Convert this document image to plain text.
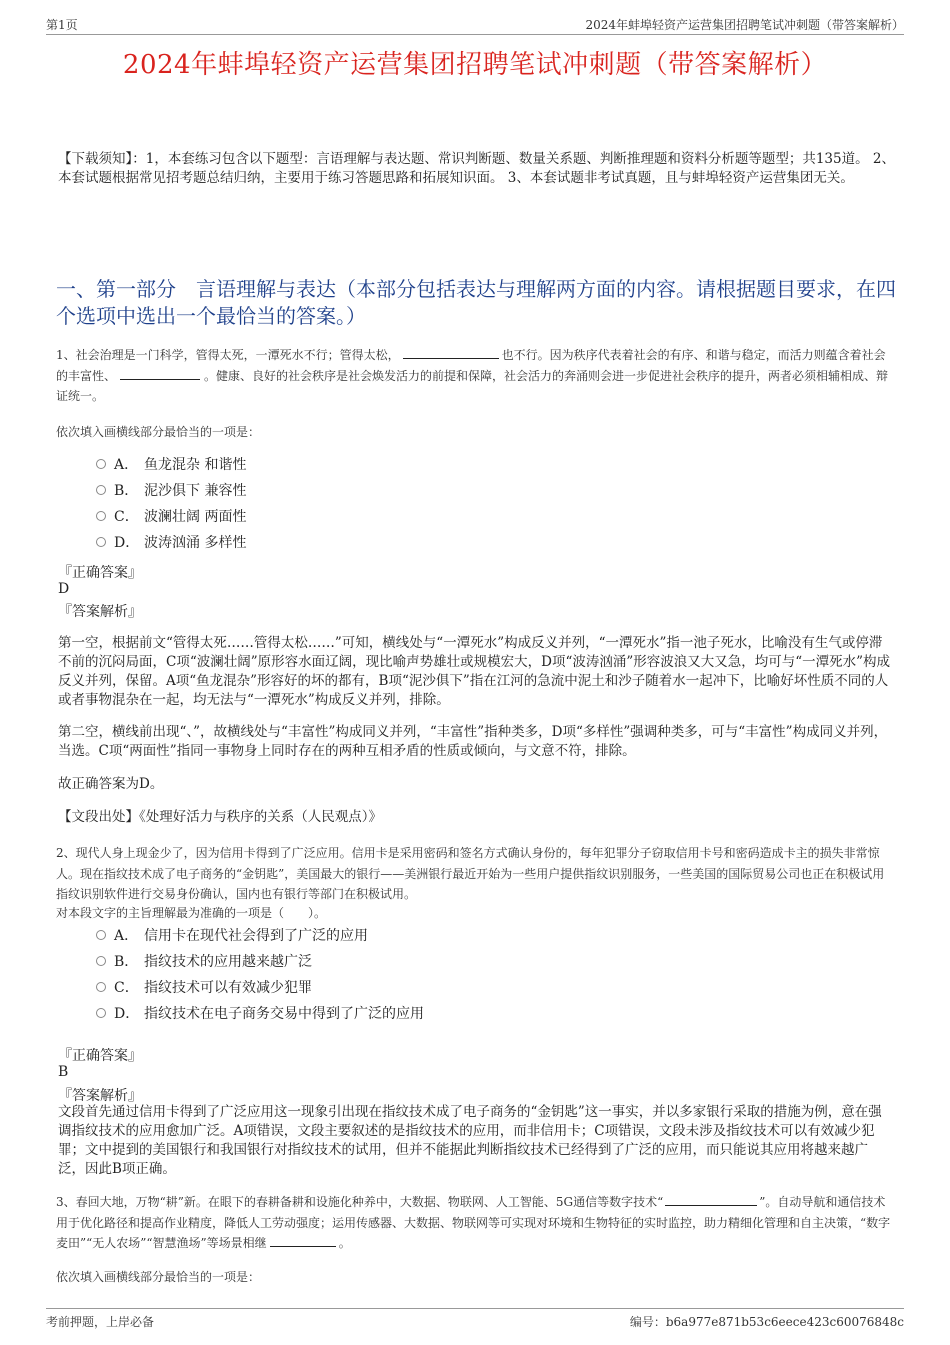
第1页	2024年蚌埠轻资产运营集团招聘笔试冲刺题（带答案解析）
2024年蚌埠轻资产运营集团招聘笔试冲刺题（带答案解析）
【下载须知】：1，本套练习包含以下题型：言语理解与表达题、常识判断题、数量关系题、判断推理题和资料分析题等题型；共135道。 2、本套试题根据常见招考题总结归纳，主要用于练习答题思路和拓展知识面。 3、本套试题非考试真题，且与蚌埠轻资产运营集团无关。
一、第一部分　言语理解与表达（本部分包括表达与理解两方面的内容。请根据题目要求，在四个选项中选出一个最恰当的答案。）
1、社会治理是一门科学，管得太死，一潭死水不行；管得太松，	也不行。因为秩序代表着社会的有序、和谐与稳定，而活力则蕴含着社会的丰富性、	。健康、良好的社会秩序是社会焕发活力的前提和保障，社会活力的奔涌则会进一步促进社会秩序的提升，两者必须相辅相成、辩证统一。
依次填入画横线部分最恰当的一项是：
A． 鱼龙混杂 和谐性
B． 泥沙俱下 兼容性
C． 波澜壮阔 两面性
D． 波涛汹涌 多样性
『正确答案』
D
『答案解析』
第一空，根据前文“管得太死……管得太松……”可知，横线处与“一潭死水”构成反义并列，“一潭死水”指一池子死水，比喻没有生气或停滞不前的沉闷局面，C项“波澜壮阔”原形容水面辽阔，现比喻声势雄壮或规模宏大，D项“波涛汹涌”形容波浪又大又急，均可与“一潭死水”构成反义并列，保留。A项“鱼龙混杂”形容好的坏的都有，B项“泥沙俱下”指在江河的急流中泥土和沙子随着水一起冲下，比喻好坏性质不同的人或者事物混杂在一起，均无法与“一潭死水”构成反义并列，排除。
第二空，横线前出现“、”，故横线处与“丰富性”构成同义并列，“丰富性”指种类多，D项“多样性”强调种类多，可与“丰富性”构成同义并列，当选。C项“两面性”指同一事物身上同时存在的两种互相矛盾的性质或倾向，与文意不符，排除。
故正确答案为D。
【文段出处】《处理好活力与秩序的关系（人民观点）》
2、现代人身上现金少了，因为信用卡得到了广泛应用。信用卡是采用密码和签名方式确认身份的，每年犯罪分子窃取信用卡号和密码造成卡主的损失非常惊人。现在指纹技术成了电子商务的“金钥匙”，美国最大的银行——美洲银行最近开始为一些用户提供指纹识别服务，一些美国的国际贸易公司也正在积极试用指纹识别软件进行交易身份确认，国内也有银行等部门在积极试用。
对本段文字的主旨理解最为准确的一项是（　　）。
A． 信用卡在现代社会得到了广泛的应用
B． 指纹技术的应用越来越广泛
C． 指纹技术可以有效减少犯罪
D． 指纹技术在电子商务交易中得到了广泛的应用
『正确答案』
B
『答案解析』
文段首先通过信用卡得到了广泛应用这一现象引出现在指纹技术成了电子商务的“金钥匙”这一事实，并以多家银行采取的措施为例，意在强调指纹技术的应用愈加广泛。A项错误，文段主要叙述的是指纹技术的应用，而非信用卡；C项错误，文段未涉及指纹技术可以有效减少犯罪；文中提到的美国银行和我国银行对指纹技术的试用，但并不能据此判断指纹技术已经得到了广泛的应用，而只能说其应用将越来越广泛，因此B项正确。
3、春回大地，万物“耕”新。在眼下的春耕备耕和设施化种养中，大数据、物联网、人工智能、5G通信等数字技术“	”。自动导航和通信技术用于优化路径和提高作业精度，降低人工劳动强度；运用传感器、大数据、物联网等可实现对环境和生物特征的实时监控，助力精细化管理和自主决策，“数字麦田”“无人农场”“智慧渔场”等场景相继	。
依次填入画横线部分最恰当的一项是：
考前押题，上岸必备	编号：b6a977e871b53c6eece423c60076848c
